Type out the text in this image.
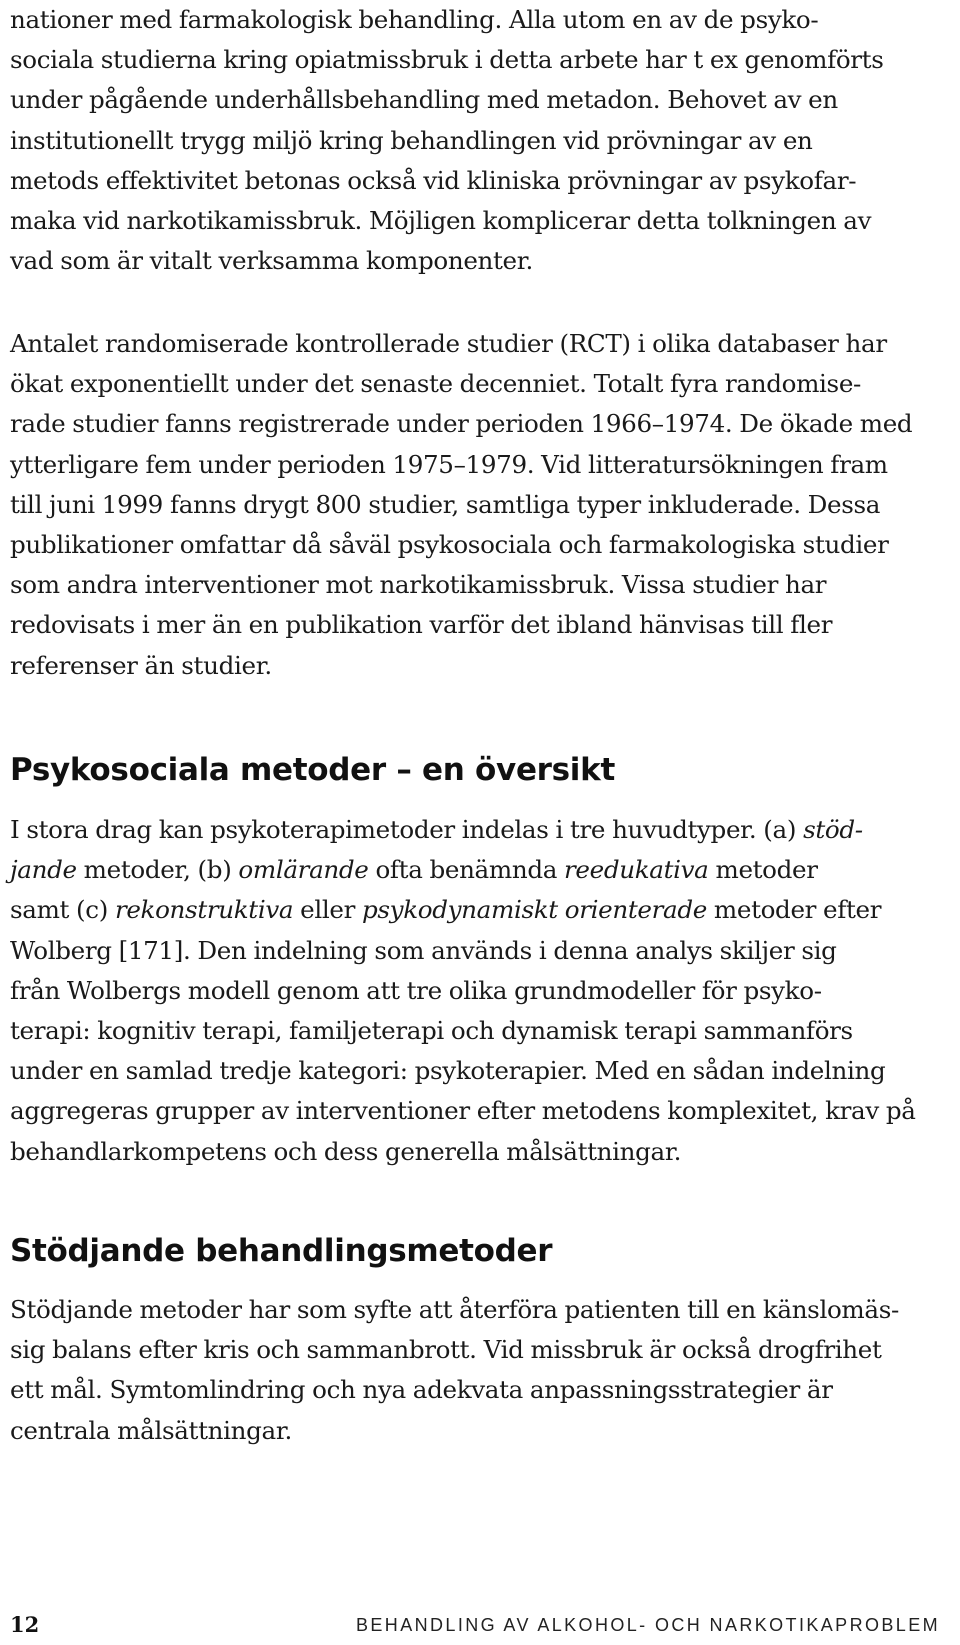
nationer med farmakologisk behandling. Alla utom en av de psyko-
sociala studierna kring opiatmissbruk i detta arbete har t ex genomförts
under pågående underhållsbehandling med metadon. Behovet av en
institutionellt trygg miljö kring behandlingen vid prövningar av en
metods effektivitet betonas också vid kliniska prövningar av psykofar-
maka vid narkotikamissbruk. Möjligen komplicerar detta tolkningen av
vad som är vitalt verksamma komponenter.

Antalet randomiserade kontrollerade studier (RCT) i olika databaser har
ökat exponentiellt under det senaste decenniet. Totalt fyra randomise-
rade studier fanns registrerade under perioden 1966–1974. De ökade med
ytterligare fem under perioden 1975–1979. Vid litteratursökningen fram
till juni 1999 fanns drygt 800 studier, samtliga typer inkluderade. Dessa
publikationer omfattar då såväl psykosociala och farmakologiska studier
som andra interventioner mot narkotikamissbruk. Vissa studier har
redovisats i mer än en publikation varför det ibland hänvisas till fler
referenser än studier.

Psykosociala metoder – en översikt

I stora drag kan psykoterapimetoder indelas i tre huvudtyper. (a) stöd-
jande metoder, (b) omlärande ofta benämnda reedukativa metoder
samt (c) rekonstruktiva eller psykodynamiskt orienterade metoder efter
Wolberg [171]. Den indelning som används i denna analys skiljer sig
från Wolbergs modell genom att tre olika grundmodeller för psyko-
terapi: kognitiv terapi, familjeterapi och dynamisk terapi sammanförs
under en samlad tredje kategori: psykoterapier. Med en sådan indelning
aggregeras grupper av interventioner efter metodens komplexitet, krav på
behandlarkompetens och dess generella målsättningar.

Stödjande behandlingsmetoder

Stödjande metoder har som syfte att återföra patienten till en känslomäs-
sig balans efter kris och sammanbrott. Vid missbruk är också drogfrihet
ett mål. Symtomlindring och nya adekvata anpassningsstrategier är
centrala målsättningar.

12	BEHANDLING AV ALKOHOL- OCH NARKOTIKAPROBLEM
